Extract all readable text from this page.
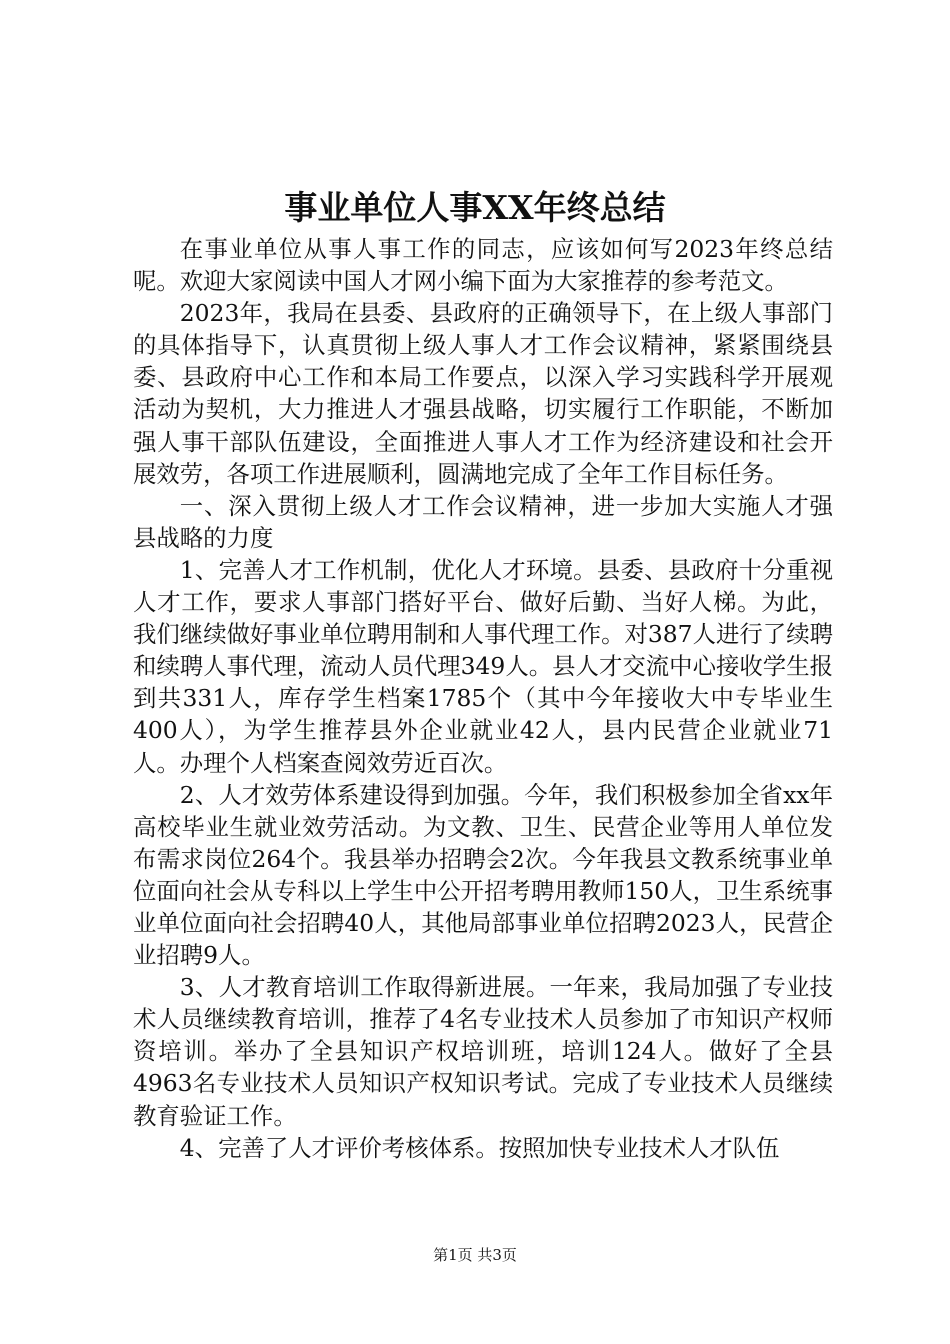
事业单位人事XX年终总结

在事业单位从事人事工作的同志，应该如何写2023年终总结呢。欢迎大家阅读中国人才网小编下面为大家推荐的参考范文。

2023年，我局在县委、县政府的正确领导下，在上级人事部门的具体指导下，认真贯彻上级人事人才工作会议精神，紧紧围绕县委、县政府中心工作和本局工作要点，以深入学习实践科学开展观活动为契机，大力推进人才强县战略，切实履行工作职能，不断加强人事干部队伍建设，全面推进人事人才工作为经济建设和社会开展效劳，各项工作进展顺利，圆满地完成了全年工作目标任务。

一、深入贯彻上级人才工作会议精神，进一步加大实施人才强县战略的力度

1、完善人才工作机制，优化人才环境。县委、县政府十分重视人才工作，要求人事部门搭好平台、做好后勤、当好人梯。为此，我们继续做好事业单位聘用制和人事代理工作。对387人进行了续聘和续聘人事代理，流动人员代理349人。县人才交流中心接收学生报到共331人，库存学生档案1785个（其中今年接收大中专毕业生400人），为学生推荐县外企业就业42人，县内民营企业就业71人。办理个人档案查阅效劳近百次。

2、人才效劳体系建设得到加强。今年，我们积极参加全省xx年高校毕业生就业效劳活动。为文教、卫生、民营企业等用人单位发布需求岗位264个。我县举办招聘会2次。今年我县文教系统事业单位面向社会从专科以上学生中公开招考聘用教师150人，卫生系统事业单位面向社会招聘40人，其他局部事业单位招聘2023人，民营企业招聘9人。

3、人才教育培训工作取得新进展。一年来，我局加强了专业技术人员继续教育培训，推荐了4名专业技术人员参加了市知识产权师资培训。举办了全县知识产权培训班，培训124人。做好了全县4963名专业技术人员知识产权知识考试。完成了专业技术人员继续教育验证工作。

4、完善了人才评价考核体系。按照加快专业技术人才队伍

第1页 共3页
